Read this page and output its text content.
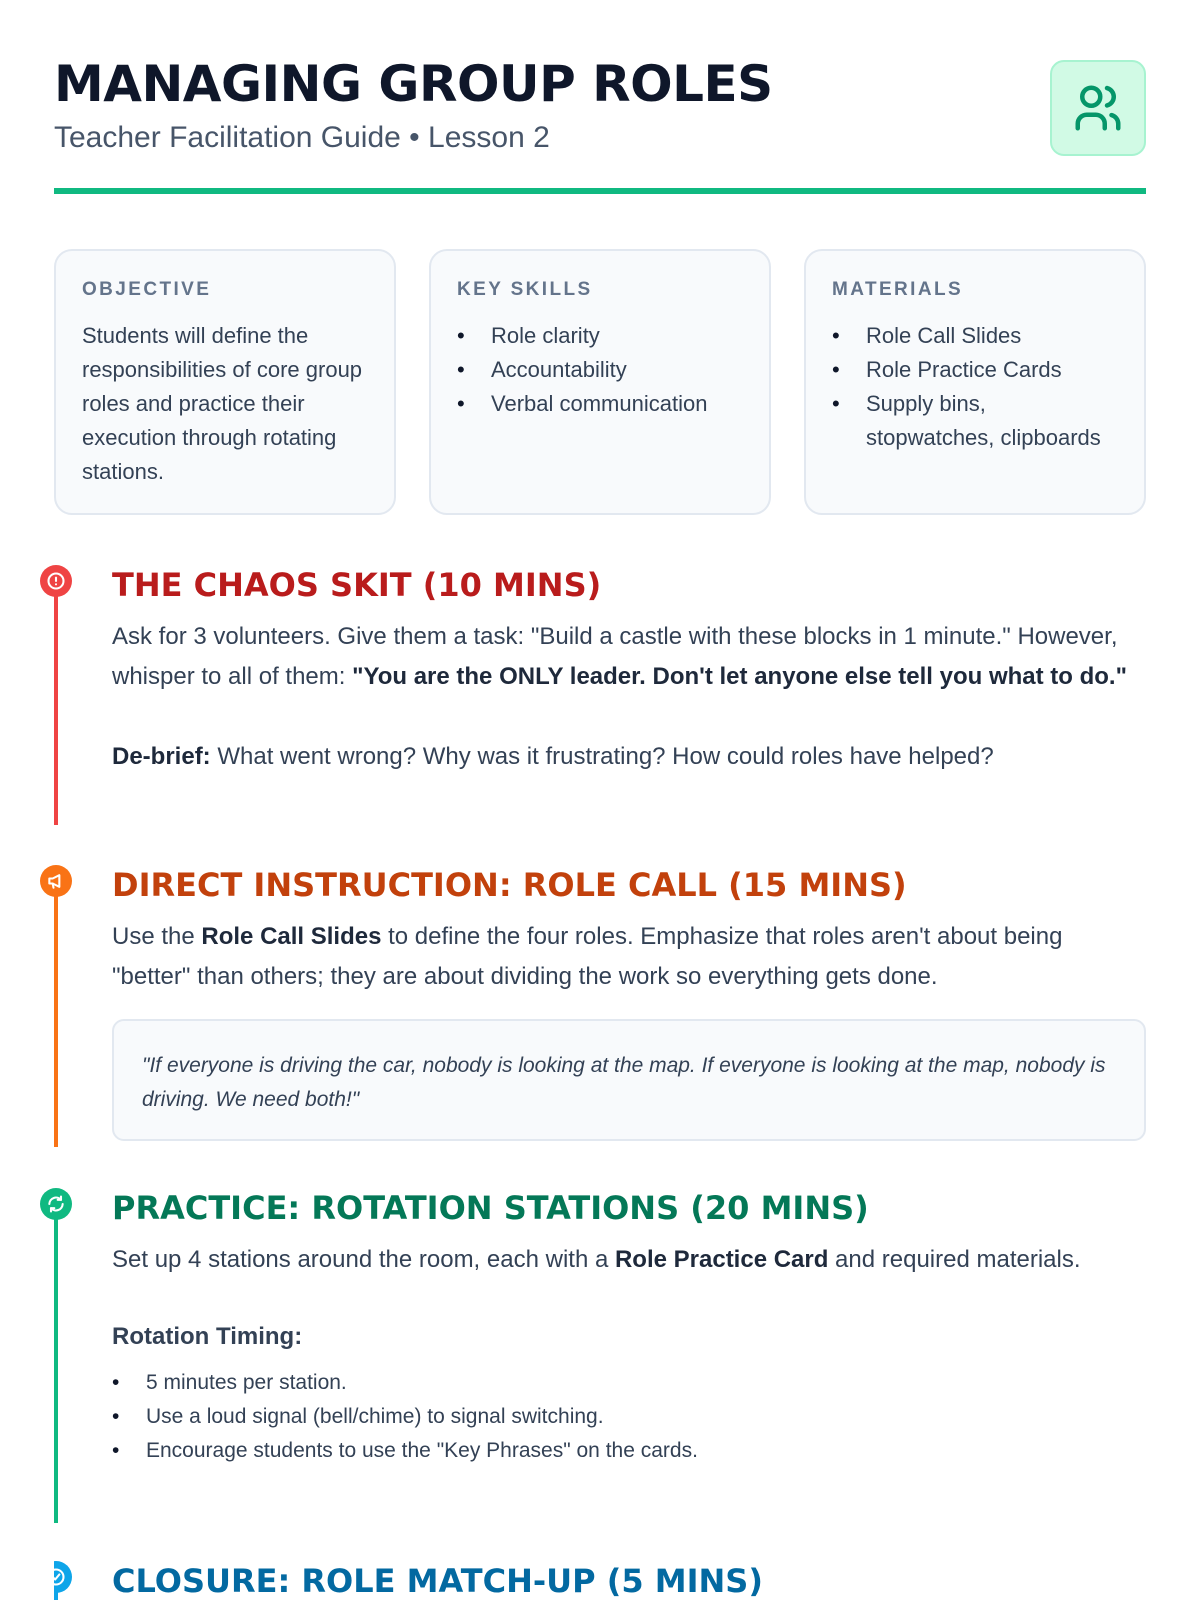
MANAGING GROUP ROLES
Teacher Facilitation Guide • Lesson 2
OBJECTIVE
Students will define the responsibilities of core group roles and practice their execution through rotating stations.
KEY SKILLS
• Role clarity
• Accountability
• Verbal communication
MATERIALS
• Role Call Slides
• Role Practice Cards
• Supply bins, stopwatches, clipboards
THE CHAOS SKIT (10 MINS)
Ask for 3 volunteers. Give them a task: "Build a castle with these blocks in 1 minute." However, whisper to all of them: "You are the ONLY leader. Don't let anyone else tell you what to do."
De-brief: What went wrong? Why was it frustrating? How could roles have helped?
DIRECT INSTRUCTION: ROLE CALL (15 MINS)
Use the Role Call Slides to define the four roles. Emphasize that roles aren't about being "better" than others; they are about dividing the work so everything gets done.
"If everyone is driving the car, nobody is looking at the map. If everyone is looking at the map, nobody is driving. We need both!"
PRACTICE: ROTATION STATIONS (20 MINS)
Set up 4 stations around the room, each with a Role Practice Card and required materials.
Rotation Timing:
• 5 minutes per station.
• Use a loud signal (bell/chime) to signal switching.
• Encourage students to use the "Key Phrases" on the cards.
CLOSURE: ROLE MATCH-UP (5 MINS)
